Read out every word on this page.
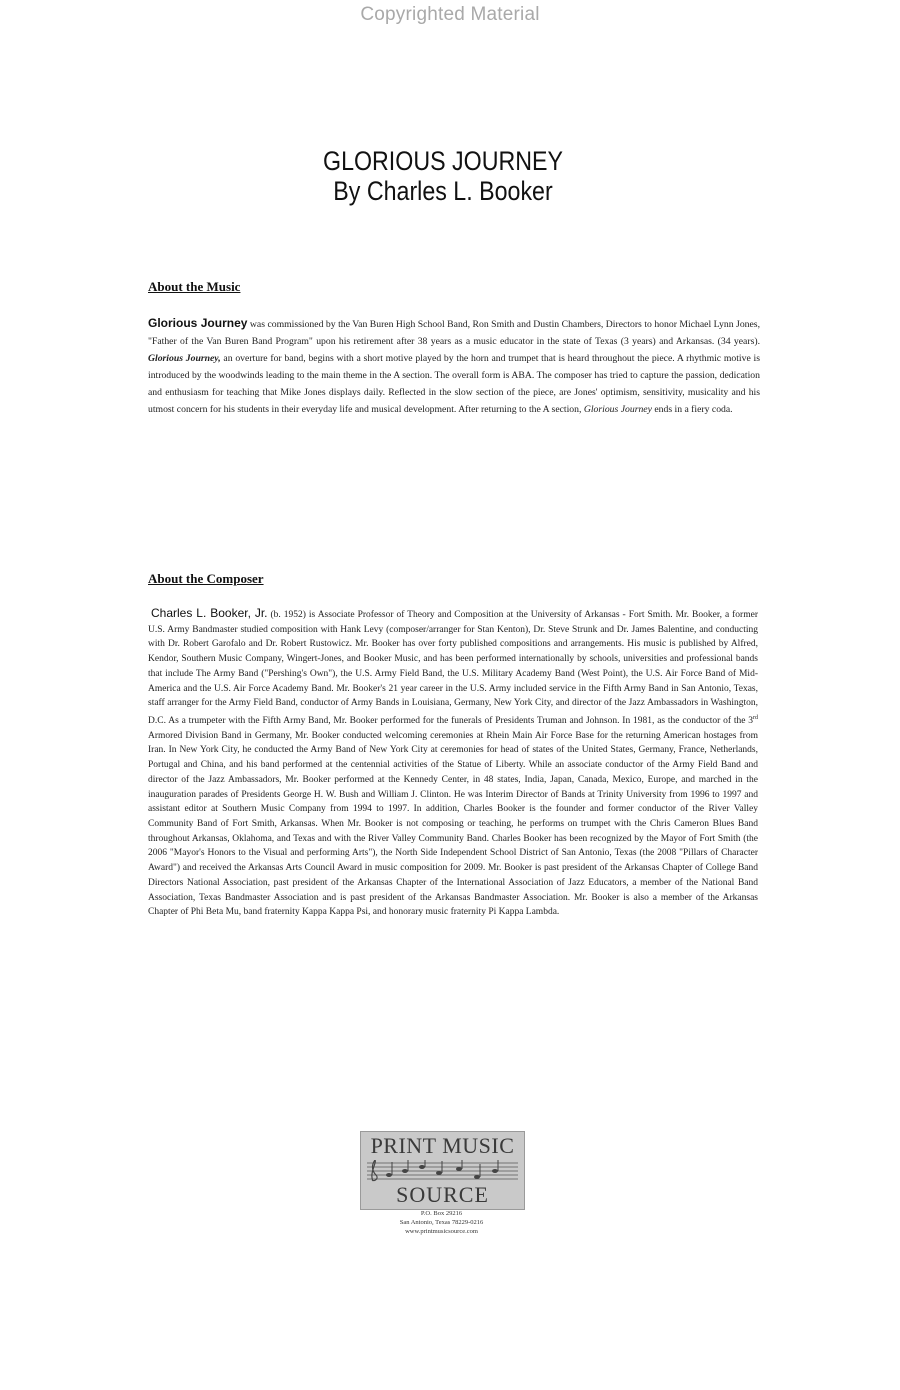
Copyrighted Material
GLORIOUS JOURNEY
By Charles L. Booker
About the Music
Glorious Journey was commissioned by the Van Buren High School Band, Ron Smith and Dustin Chambers, Directors to honor Michael Lynn Jones, "Father of the Van Buren Band Program" upon his retirement after 38 years as a music educator in the state of Texas (3 years) and Arkansas. (34 years). Glorious Journey, an overture for band, begins with a short motive played by the horn and trumpet that is heard throughout the piece. A rhythmic motive is introduced by the woodwinds leading to the main theme in the A section. The overall form is ABA. The composer has tried to capture the passion, dedication and enthusiasm for teaching that Mike Jones displays daily. Reflected in the slow section of the piece, are Jones' optimism, sensitivity, musicality and his utmost concern for his students in their everyday life and musical development. After returning to the A section, Glorious Journey ends in a fiery coda.
About the Composer
Charles L. Booker, Jr. (b. 1952) is Associate Professor of Theory and Composition at the University of Arkansas - Fort Smith. Mr. Booker, a former U.S. Army Bandmaster studied composition with Hank Levy (composer/arranger for Stan Kenton), Dr. Steve Strunk and Dr. James Balentine, and conducting with Dr. Robert Garofalo and Dr. Robert Rustowicz. Mr. Booker has over forty published compositions and arrangements. His music is published by Alfred, Kendor, Southern Music Company, Wingert-Jones, and Booker Music, and has been performed internationally by schools, universities and professional bands that include The Army Band ("Pershing's Own"), the U.S. Army Field Band, the U.S. Military Academy Band (West Point), the U.S. Air Force Band of Mid-America and the U.S. Air Force Academy Band. Mr. Booker's 21 year career in the U.S. Army included service in the Fifth Army Band in San Antonio, Texas, staff arranger for the Army Field Band, conductor of Army Bands in Louisiana, Germany, New York City, and director of the Jazz Ambassadors in Washington, D.C. As a trumpeter with the Fifth Army Band, Mr. Booker performed for the funerals of Presidents Truman and Johnson. In 1981, as the conductor of the 3rd Armored Division Band in Germany, Mr. Booker conducted welcoming ceremonies at Rhein Main Air Force Base for the returning American hostages from Iran. In New York City, he conducted the Army Band of New York City at ceremonies for head of states of the United States, Germany, France, Netherlands, Portugal and China, and his band performed at the centennial activities of the Statue of Liberty. While an associate conductor of the Army Field Band and director of the Jazz Ambassadors, Mr. Booker performed at the Kennedy Center, in 48 states, India, Japan, Canada, Mexico, Europe, and marched in the inauguration parades of Presidents George H. W. Bush and William J. Clinton. He was Interim Director of Bands at Trinity University from 1996 to 1997 and assistant editor at Southern Music Company from 1994 to 1997. In addition, Charles Booker is the founder and former conductor of the River Valley Community Band of Fort Smith, Arkansas. When Mr. Booker is not composing or teaching, he performs on trumpet with the Chris Cameron Blues Band throughout Arkansas, Oklahoma, and Texas and with the River Valley Community Band. Charles Booker has been recognized by the Mayor of Fort Smith (the 2006 "Mayor's Honors to the Visual and performing Arts"), the North Side Independent School District of San Antonio, Texas (the 2008 "Pillars of Character Award") and received the Arkansas Arts Council Award in music composition for 2009. Mr. Booker is past president of the Arkansas Chapter of College Band Directors National Association, past president of the Arkansas Chapter of the International Association of Jazz Educators, a member of the National Band Association, Texas Bandmaster Association and is past president of the Arkansas Bandmaster Association. Mr. Booker is also a member of the Arkansas Chapter of Phi Beta Mu, band fraternity Kappa Kappa Psi, and honorary music fraternity Pi Kappa Lambda.
PRINT MUSIC
SOURCE
P.O. Box 29216
San Antonio, Texas 78229-0216
www.printmusicsource.com
